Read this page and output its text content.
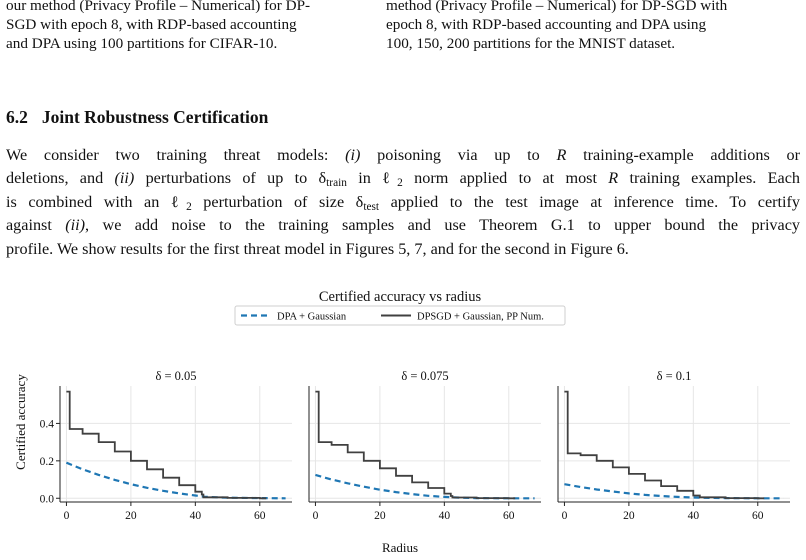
our method (Privacy Profile – Numerical) for DP-
SGD with epoch 8, with RDP-based accounting
and DPA using 100 partitions for CIFAR-10.
method (Privacy Profile – Numerical) for DP-SGD with
epoch 8, with RDP-based accounting and DPA using
100, 150, 200 partitions for the MNIST dataset.
6.2 Joint Robustness Certification
We consider two training threat models: (i) poisoning via up to R training-example additions or
deletions, and (ii) perturbations of up to $\delta_{train}$ in ℓ$_2$ norm applied to at most R training examples. Each
is combined with an ℓ$_2$ perturbation of size $\delta_{test}$ applied to the test image at inference time. To certify
against (ii), we add noise to the training samples and use Theorem G.1 to upper bound the privacy
profile. We show results for the first threat model in Figures 5, 7, and for the second in Figure 6.
Certified accuracy vs radius
DPA + Gaussian	DPSGD + Gaussian, PP Num.
Certified accuracy
Radius
0	20	40	60
0.0
0.2
0.4
δ = 0.05
0	20	40	60
δ = 0.075
0	20	40	60
δ = 0.1
